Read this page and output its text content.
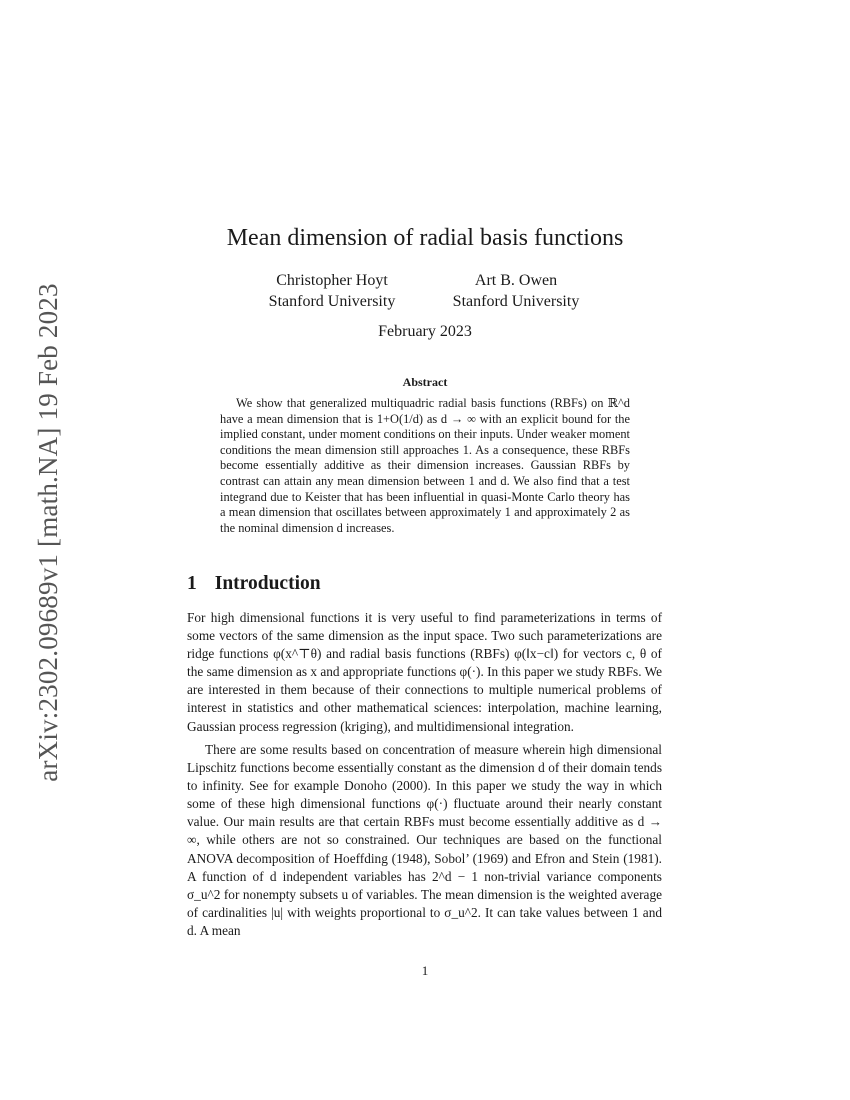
arXiv:2302.09689v1 [math.NA] 19 Feb 2023
Mean dimension of radial basis functions
Christopher Hoyt
Stanford University
Art B. Owen
Stanford University
February 2023
Abstract

We show that generalized multiquadric radial basis functions (RBFs) on ℝ^d have a mean dimension that is 1+O(1/d) as d → ∞ with an explicit bound for the implied constant, under moment conditions on their inputs. Under weaker moment conditions the mean dimension still approaches 1. As a consequence, these RBFs become essentially additive as their dimension increases. Gaussian RBFs by contrast can attain any mean dimension between 1 and d. We also find that a test integrand due to Keister that has been influential in quasi-Monte Carlo theory has a mean dimension that oscillates between approximately 1 and approximately 2 as the nominal dimension d increases.

1 Introduction

For high dimensional functions it is very useful to find parameterizations in terms of some vectors of the same dimension as the input space. Two such parameterizations are ridge functions φ(x^⊤θ) and radial basis functions (RBFs) φ(‖x−c‖) for vectors c, θ of the same dimension as x and appropriate functions φ(·). In this paper we study RBFs. We are interested in them because of their connections to multiple numerical problems of interest in statistics and other mathematical sciences: interpolation, machine learning, Gaussian process regression (kriging), and multidimensional integration.

There are some results based on concentration of measure wherein high dimensional Lipschitz functions become essentially constant as the dimension d of their domain tends to infinity. See for example Donoho (2000). In this paper we study the way in which some of these high dimensional functions φ(·) fluctuate around their nearly constant value. Our main results are that certain RBFs must become essentially additive as d → ∞, while others are not so constrained. Our techniques are based on the functional ANOVA decomposition of Hoeffding (1948), Sobol’ (1969) and Efron and Stein (1981). A function of d independent variables has 2^d − 1 non-trivial variance components σ_u^2 for nonempty subsets u of variables. The mean dimension is the weighted average of cardinalities |u| with weights proportional to σ_u^2. It can take values between 1 and d. A mean

1
